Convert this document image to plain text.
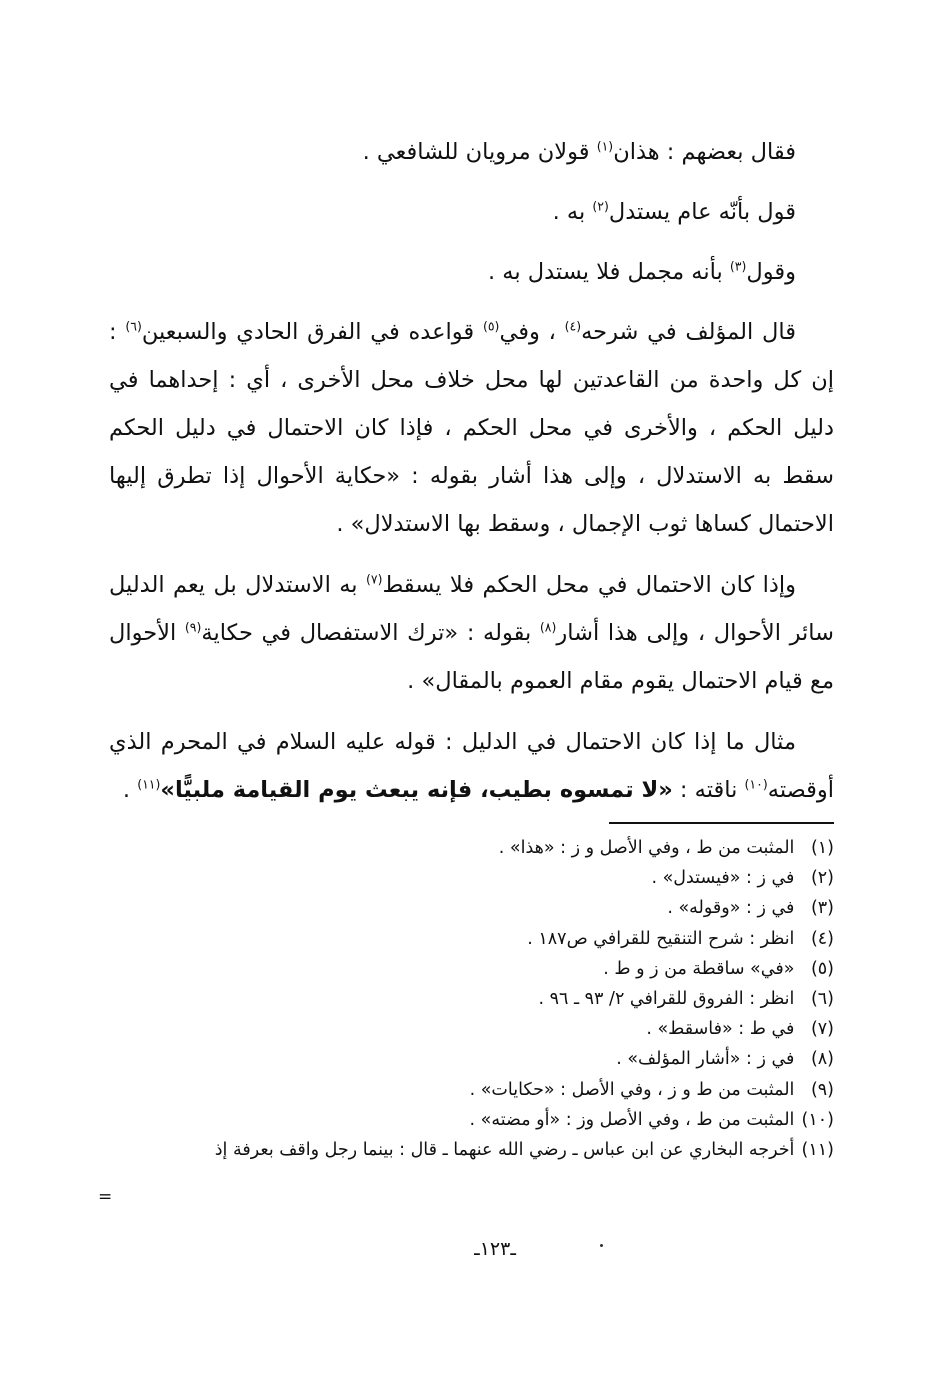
فقال بعضهم : هذان$^{(١)}$ قولان مرويان للشافعي .

قول بأنّه عام يستدل$^{(٢)}$ به .

وقول$^{(٣)}$ بأنه مجمل فلا يستدل به .

قال المؤلف في شرحه$^{(٤)}$ ، وفي$^{(٥)}$ قواعده في الفرق الحادي والسبعين$^{(٦)}$ : إن كل واحدة من القاعدتين لها محل خلاف محل الأخرى ، أي : إحداهما في دليل الحكم ، والأخرى في محل الحكم ، فإذا كان الاحتمال في دليل الحكم سقط به الاستدلال ، وإلى هذا أشار بقوله : «حكاية الأحوال إذا تطرق إليها الاحتمال كساها ثوب الإجمال ، وسقط بها الاستدلال» .

وإذا كان الاحتمال في محل الحكم فلا يسقط$^{(٧)}$ به الاستدلال بل يعم الدليل سائر الأحوال ، وإلى هذا أشار$^{(٨)}$ بقوله : «ترك الاستفصال في حكاية$^{(٩)}$ الأحوال مع قيام الاحتمال يقوم مقام العموم بالمقال» .

مثال ما إذا كان الاحتمال في الدليل : قوله عليه السلام في المحرم الذي أوقصته$^{(١٠)}$ ناقته : «لا تمسوه بطيب، فإنه يبعث يوم القيامة ملبيًّا»$^{(١١)}$ .

(١) المثبت من ط ، وفي الأصل و ز : «هذا» .
(٢) في ز : «فيستدل» .
(٣) في ز : «وقوله» .
(٤) انظر : شرح التنقيح للقرافي ص١٨٧ .
(٥) «في» ساقطة من ز و ط .
(٦) انظر : الفروق للقرافي ٢/ ٩٣ ـ ٩٦ .
(٧) في ط : «فاسقط» .
(٨) في ز : «أشار المؤلف» .
(٩) المثبت من ط و ز ، وفي الأصل : «حكايات» .
(١٠) المثبت من ط ، وفي الأصل وز : «أو مضته» .
(١١) أخرجه البخاري عن ابن عباس ـ رضي الله عنهما ـ قال : بينما رجل واقف بعرفة إذ
=
ـ١٢٣ـ
